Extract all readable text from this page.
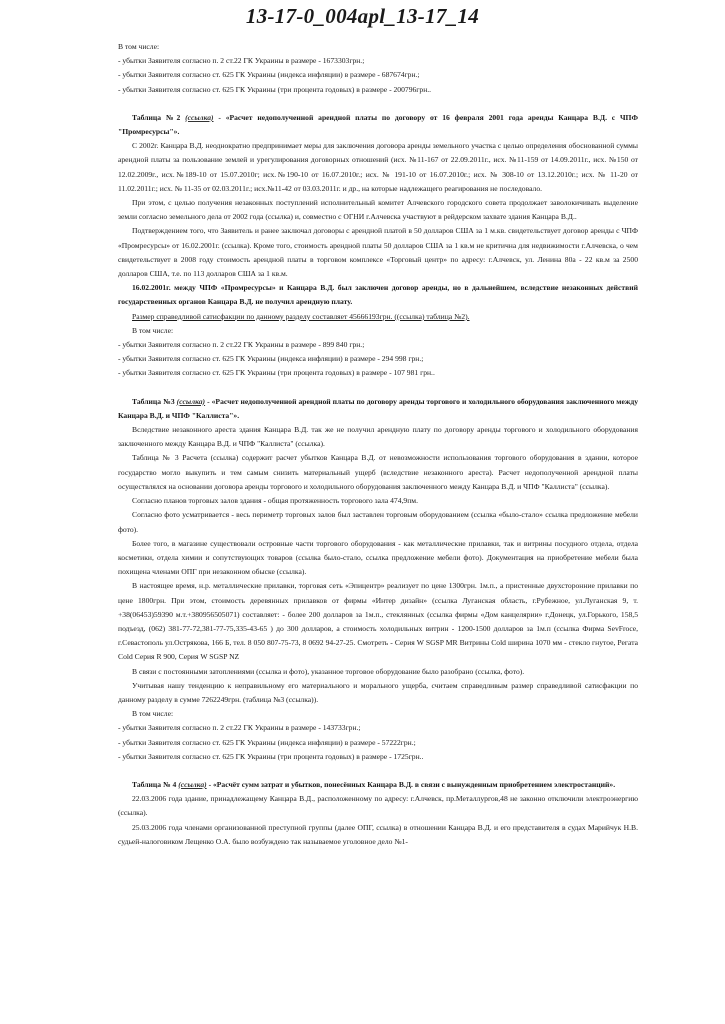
13-17-0_004apl_13-17_14

В том числе:

- убытки Заявителя согласно п. 2 ст.22 ГК Украины в размере - 1673303грн.;

- убытки Заявителя согласно ст. 625 ГК Украины (индекса инфляции) в размере - 687674грн.;

- убытки Заявителя согласно ст. 625 ГК Украины (три процента годовых) в размере - 200796грн..

Таблица №2 (ссылка) - «Расчет недополученной арендной платы по договору от 16 февраля 2001 года аренды Канцара В.Д. с ЧПФ "Промресурсы"».

С 2002г. Канцара В.Д. неоднократно предпринимает меры для заключения договора аренды земельного участка с целью определения обоснованной суммы арендной платы за пользование землей и урегулирования договорных отношений (исх. №11-167 от 22.09.2011г., исх. №11-159 от 14.09.2011г., исх. №150 от 12.02.2009г., исх.№189-10 от 15.07.2010г; исх.№190-10 от 16.07.2010г.; исх. № 191-10 от 16.07.2010г.; исх. № 308-10 от 13.12.2010г.; исх. № 11-20 от 11.02.2011г.; исх. № 11-35 от 02.03.2011г.; исх.№11-42 от 03.03.2011г. и др., на которые надлежащего реагирования не последовало.

При этом, с целью получения незаконных поступлений исполнительный комитет Алчевского городского совета продолжает заволокичивать выделение земли согласно земельного дела от 2002 года (ссылка) и, совместно с ОГНИ г.Алчевска участвуют в рейдерском захвате здания Канцара В.Д..

Подтверждением того, что Заявитель и ранее заключал договоры с арендной платой в 50 долларов США за 1 м.кв. свидетельствует договор аренды с ЧПФ «Промресурсы» от 16.02.2001г. (ссылка). Кроме того, стоимость арендной платы 50 долларов США за 1 кв.м не критична для недвижимости г.Алчевска, о чем свидетельствует в 2008 году стоимость арендной платы в торговом комплексе «Торговый центр» по адресу: г.Алчевск, ул. Ленина 80а - 22 кв.м за 2500 долларов США, т.е. по 113 долларов США за 1 кв.м.

16.02.2001г. между ЧПФ «Промресурсы» и Канцара В.Д. был заключен договор аренды, но в дальнейшем, вследствие незаконных действий государственных органов Канцара В.Д. не получил арендную плату.

Размер справедливой сатисфакции по данному разделу составляет 45666193грн. ((ссылка) таблица №2).

В том числе:

- убытки Заявителя согласно п. 2 ст.22 ГК Украины в размере - 899 840 грн.;

- убытки Заявителя согласно ст. 625 ГК Украины (индекса инфляции) в размере - 294 998 грн.;

- убытки Заявителя согласно ст. 625 ГК Украины (три процента годовых) в размере - 107 981 грн..

Таблица №3 (ссылка) - «Расчет недополученной арендной платы по договору аренды торгового и холодильного оборудования заключенного между Канцара В.Д. и ЧПФ "Каллиста"».

Вследствие незаконного ареста здания Канцара В.Д. так же не получил арендную плату по договору аренды торгового и холодильного оборудования заключенного между Канцара В.Д. и ЧПФ "Каллиста" (ссылка).

Таблица № 3 Расчета (ссылка) содержит расчет убытков Канцара В.Д. от невозможности использования торгового оборудования в здании, которое государство могло выкупить и тем самым снизить материальный ущерб (вследствие незаконного ареста). Расчет недополученной арендной платы осуществлялся на основании договора аренды торгового и холодильного оборудования заключенного между Канцара В.Д. и ЧПФ "Каллиста" (ссылка).

Согласно планов торговых залов здания - общая протяженность торгового зала 474,9пм.

Согласно фото усматривается - весь периметр торговых залов был заставлен торговым оборудованием (ссылка «было-стало» ссылка предложение мебели фото).

Более того, в магазине существовали островные части торгового оборудования - как металлические прилавки, так и витрины посудного отдела, отдела косметики, отдела химии и сопутствующих товаров (ссылка было-стало, ссылка предложение мебели фото). Документация на приобретение мебели была похищена членами ОПГ при незаконном обыске (ссылка).

В настоящее время, н.р. металлические прилавки, торговая сеть «Эпицентр» реализует по цене 1300грн. 1м.п., а пристенные двухсторонние прилавки по цене 1800грн. При этом, стоимость деревянных прилавков от фирмы «Интер дизайн» (ссылка Луганская область, г.Рубежное, ул.Луганская 9, т. +38(06453)59390 м.т.+380956505071) составляет: - более 200 долларов за 1м.п., стеклянных (ссылка фирмы «Дом канцелярии» г.Донецк, ул.Горького, 158,5 подъезд, (062) 381-77-72,381-77-75,335-43-65 ) до 300 долларов, а стоимость холодильных витрин - 1200-1500 долларов за 1м.п (ссылка Фирма SevFroce, г.Севастополь ул.Острякова, 166 Б, тел. 8 050 807-75-73, 8 0692 94-27-25. Смотреть - Серия W SGSP MR Витрины Cold ширина 1070 мм - стекло гнутое, Регата Cold Серия R 900, Серия W SGSP NZ

В связи с постоянными затоплениями (ссылка и фото), указанное торговое оборудование было разобрано (ссылка, фото).

Учитывая нашу тенденцию к неправильному его материального и морального ущерба, считаем справедливым размер справедливой сатисфакции по данному разделу в сумме 7262249грн. (таблица №3 (ссылка)).

В том числе:

- убытки Заявителя согласно п. 2 ст.22 ГК Украины в размере - 143733грн.;

- убытки Заявителя согласно ст. 625 ГК Украины (индекса инфляции) в размере - 57222грн.;

- убытки Заявителя согласно ст. 625 ГК Украины (три процента годовых) в размере - 1725грн..

Таблица № 4 (ссылка) - «Расчёт сумм затрат и убытков, понесённых Канцара В.Д. в связи с вынужденным приобретением электростанций».

22.03.2006 года здание, принадлежащему Канцара В.Д., расположенному по адресу: г.Алчевск, пр.Металлургов,48 не законно отключили электроэнергию (ссылка).

25.03.2006 года членами организованной преступной группы (далее ОПГ, ссылка) в отношении Канцара В.Д. и его представителя в судах Марийчук Н.В. судьей-налоговиком Лещенко О.А. было возбуждено так называемое уголовное дело №1-
